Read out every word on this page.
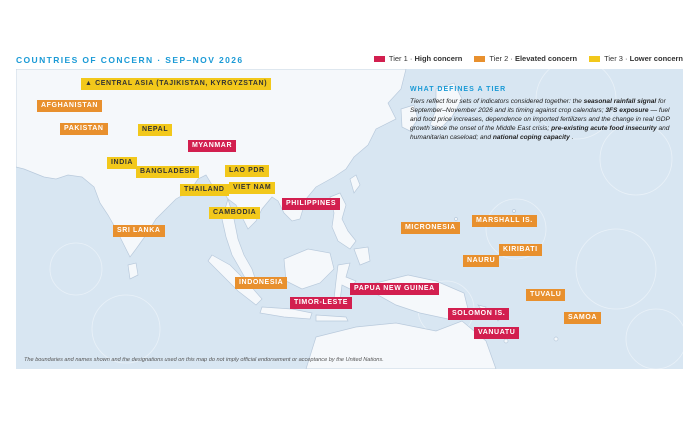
COUNTRIES OF CONCERN · SEP–NOV 2026	Tier 1 · High concern	Tier 2 · Elevated concern	Tier 3 · Lower concern
▲ CENTRAL ASIA (TAJIKISTAN, KYRGYZSTAN)
AFGHANISTAN
PAKISTAN	NEPAL
MYANMAR
INDIA
BANGLADESH	LAO PDR
THAILAND	VIET NAM
CAMBODIA
PHILIPPINES
SRI LANKA	MICRONESIA
MARSHALL IS.
KIRIBATI
NAURU
INDONESIA
PAPUA NEW GUINEA
TIMOR-LESTE
TUVALU
SOLOMON IS.
SAMOA
VANUATU
WHAT DEFINES A TIER
Tiers reflect four sets of indicators considered together: the seasonal rainfall signal for September–November 2026 and its timing against crop calendars; 3FS exposure — fuel and food price increases, dependence on imported fertilizers and the change in real GDP growth since the onset of the Middle East crisis; pre-existing acute food insecurity and humanitarian caseload; and national coping capacity .
The boundaries and names shown and the designations used on this map do not imply official endorsement or acceptance by the United Nations.
